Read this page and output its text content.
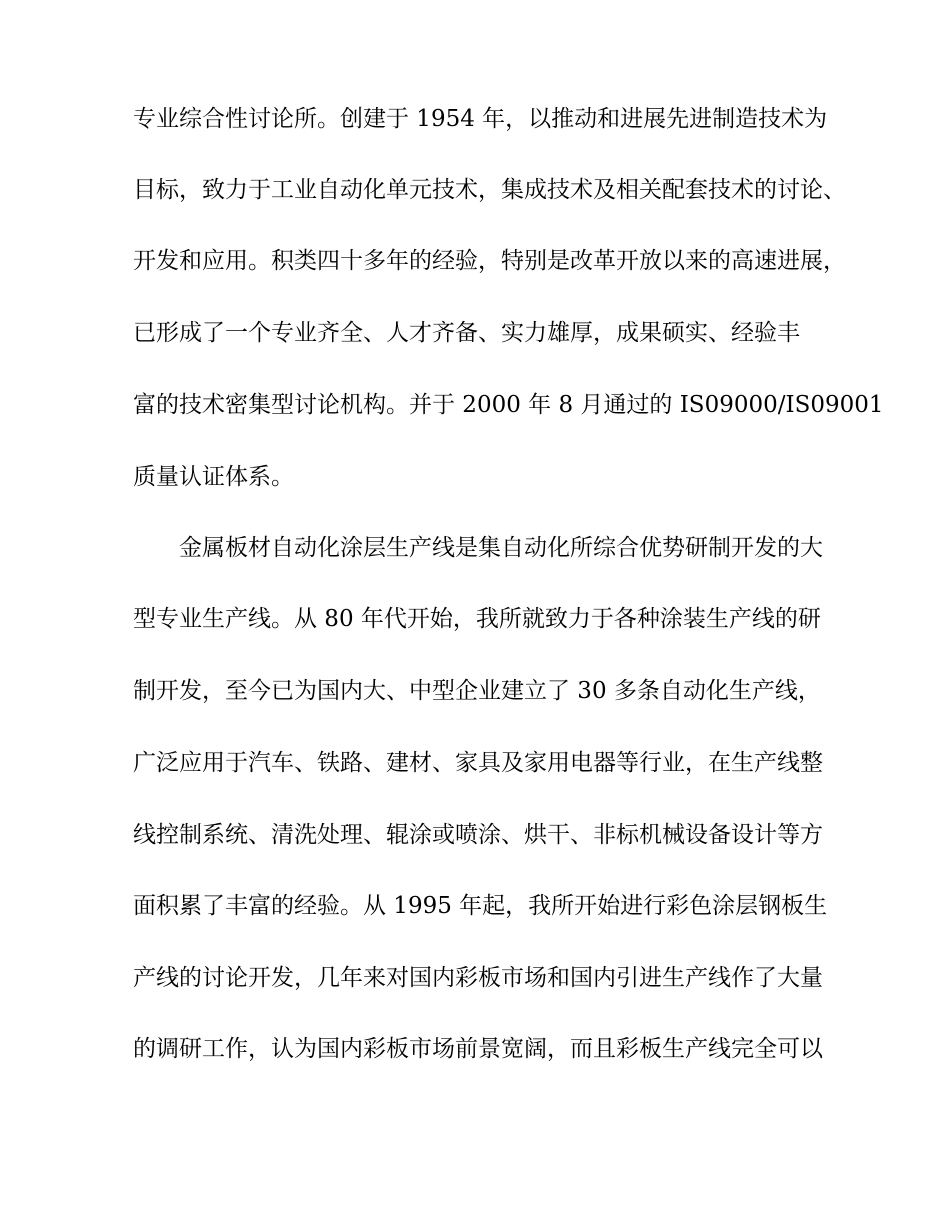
专业综合性讨论所。创建于 1954 年，以推动和进展先进制造技术为
目标，致力于工业自动化单元技术，集成技术及相关配套技术的讨论、
开发和应用。积类四十多年的经验，特别是改革开放以来的高速进展，
已形成了一个专业齐全、人才齐备、实力雄厚，成果硕实、经验丰
富的技术密集型讨论机构。并于 2000 年 8 月通过的 IS09000/IS09001
质量认证体系。
　　金属板材自动化涂层生产线是集自动化所综合优势研制开发的大
型专业生产线。从 80 年代开始，我所就致力于各种涂装生产线的研
制开发，至今已为国内大、中型企业建立了 30 多条自动化生产线，
广泛应用于汽车、铁路、建材、家具及家用电器等行业，在生产线整
线控制系统、清洗处理、辊涂或喷涂、烘干、非标机械设备设计等方
面积累了丰富的经验。从 1995 年起，我所开始进行彩色涂层钢板生
产线的讨论开发，几年来对国内彩板市场和国内引进生产线作了大量
的调研工作，认为国内彩板市场前景宽阔，而且彩板生产线完全可以
